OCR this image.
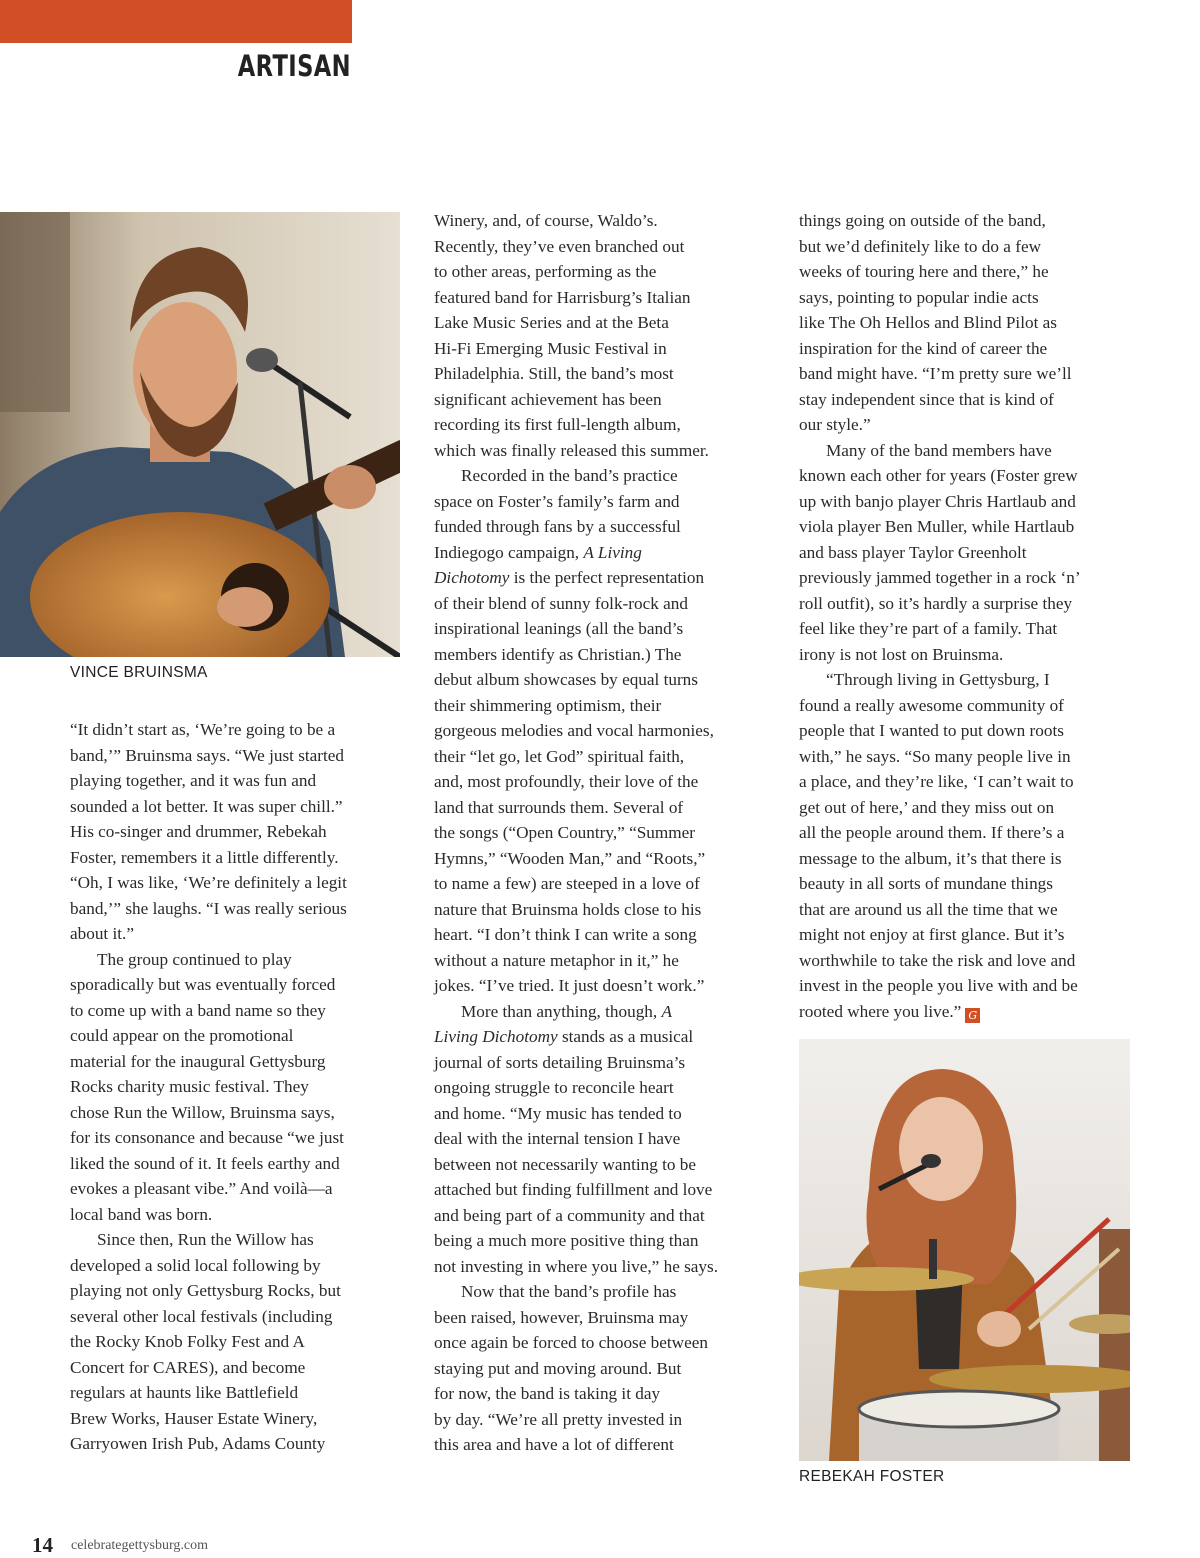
ARTISAN
VINCE BRUINSMA
REBEKAH FOSTER

“It didn’t start as, ‘We’re going to be a
band,’” Bruinsma says. “We just started
playing together, and it was fun and
sounded a lot better. It was super chill.”
His co-singer and drummer, Rebekah
Foster, remembers it a little differently.
“Oh, I was like, ‘We’re definitely a legit
band,’” she laughs. “I was really serious
about it.”

The group continued to play
sporadically but was eventually forced
to come up with a band name so they
could appear on the promotional
material for the inaugural Gettysburg
Rocks charity music festival. They
chose Run the Willow, Bruinsma says,
for its consonance and because “we just
liked the sound of it. It feels earthy and
evokes a pleasant vibe.” And voilà—a
local band was born.

Since then, Run the Willow has
developed a solid local following by
playing not only Gettysburg Rocks, but
several other local festivals (including
the Rocky Knob Folky Fest and A
Concert for CARES), and become
regulars at haunts like Battlefield
Brew Works, Hauser Estate Winery,
Garryowen Irish Pub, Adams County

Winery, and, of course, Waldo’s.
Recently, they’ve even branched out
to other areas, performing as the
featured band for Harrisburg’s Italian
Lake Music Series and at the Beta
Hi-Fi Emerging Music Festival in
Philadelphia. Still, the band’s most
significant achievement has been
recording its first full-length album,
which was finally released this summer.

Recorded in the band’s practice
space on Foster’s family’s farm and
funded through fans by a successful
Indiegogo campaign, A Living
Dichotomy is the perfect representation
of their blend of sunny folk-rock and
inspirational leanings (all the band’s
members identify as Christian.) The
debut album showcases by equal turns
their shimmering optimism, their
gorgeous melodies and vocal harmonies,
their “let go, let God” spiritual faith,
and, most profoundly, their love of the
land that surrounds them. Several of
the songs (“Open Country,” “Summer
Hymns,” “Wooden Man,” and “Roots,”
to name a few) are steeped in a love of
nature that Bruinsma holds close to his
heart. “I don’t think I can write a song
without a nature metaphor in it,” he
jokes. “I’ve tried. It just doesn’t work.”

More than anything, though, A
Living Dichotomy stands as a musical
journal of sorts detailing Bruinsma’s
ongoing struggle to reconcile heart
and home. “My music has tended to
deal with the internal tension I have
between not necessarily wanting to be
attached but finding fulfillment and love
and being part of a community and that
being a much more positive thing than
not investing in where you live,” he says.

Now that the band’s profile has
been raised, however, Bruinsma may
once again be forced to choose between
staying put and moving around. But
for now, the band is taking it day
by day. “We’re all pretty invested in
this area and have a lot of different

things going on outside of the band,
but we’d definitely like to do a few
weeks of touring here and there,” he
says, pointing to popular indie acts
like The Oh Hellos and Blind Pilot as
inspiration for the kind of career the
band might have. “I’m pretty sure we’ll
stay independent since that is kind of
our style.”

Many of the band members have
known each other for years (Foster grew
up with banjo player Chris Hartlaub and
viola player Ben Muller, while Hartlaub
and bass player Taylor Greenholt
previously jammed together in a rock ‘n’
roll outfit), so it’s hardly a surprise they
feel like they’re part of a family. That
irony is not lost on Bruinsma.

“Through living in Gettysburg, I
found a really awesome community of
people that I wanted to put down roots
with,” he says. “So many people live in
a place, and they’re like, ‘I can’t wait to
get out of here,’ and they miss out on
all the people around them. If there’s a
message to the album, it’s that there is
beauty in all sorts of mundane things
that are around us all the time that we
might not enjoy at first glance. But it’s
worthwhile to take the risk and love and
invest in the people you live with and be
rooted where you live.” G

14 celebrategettysburg.com
